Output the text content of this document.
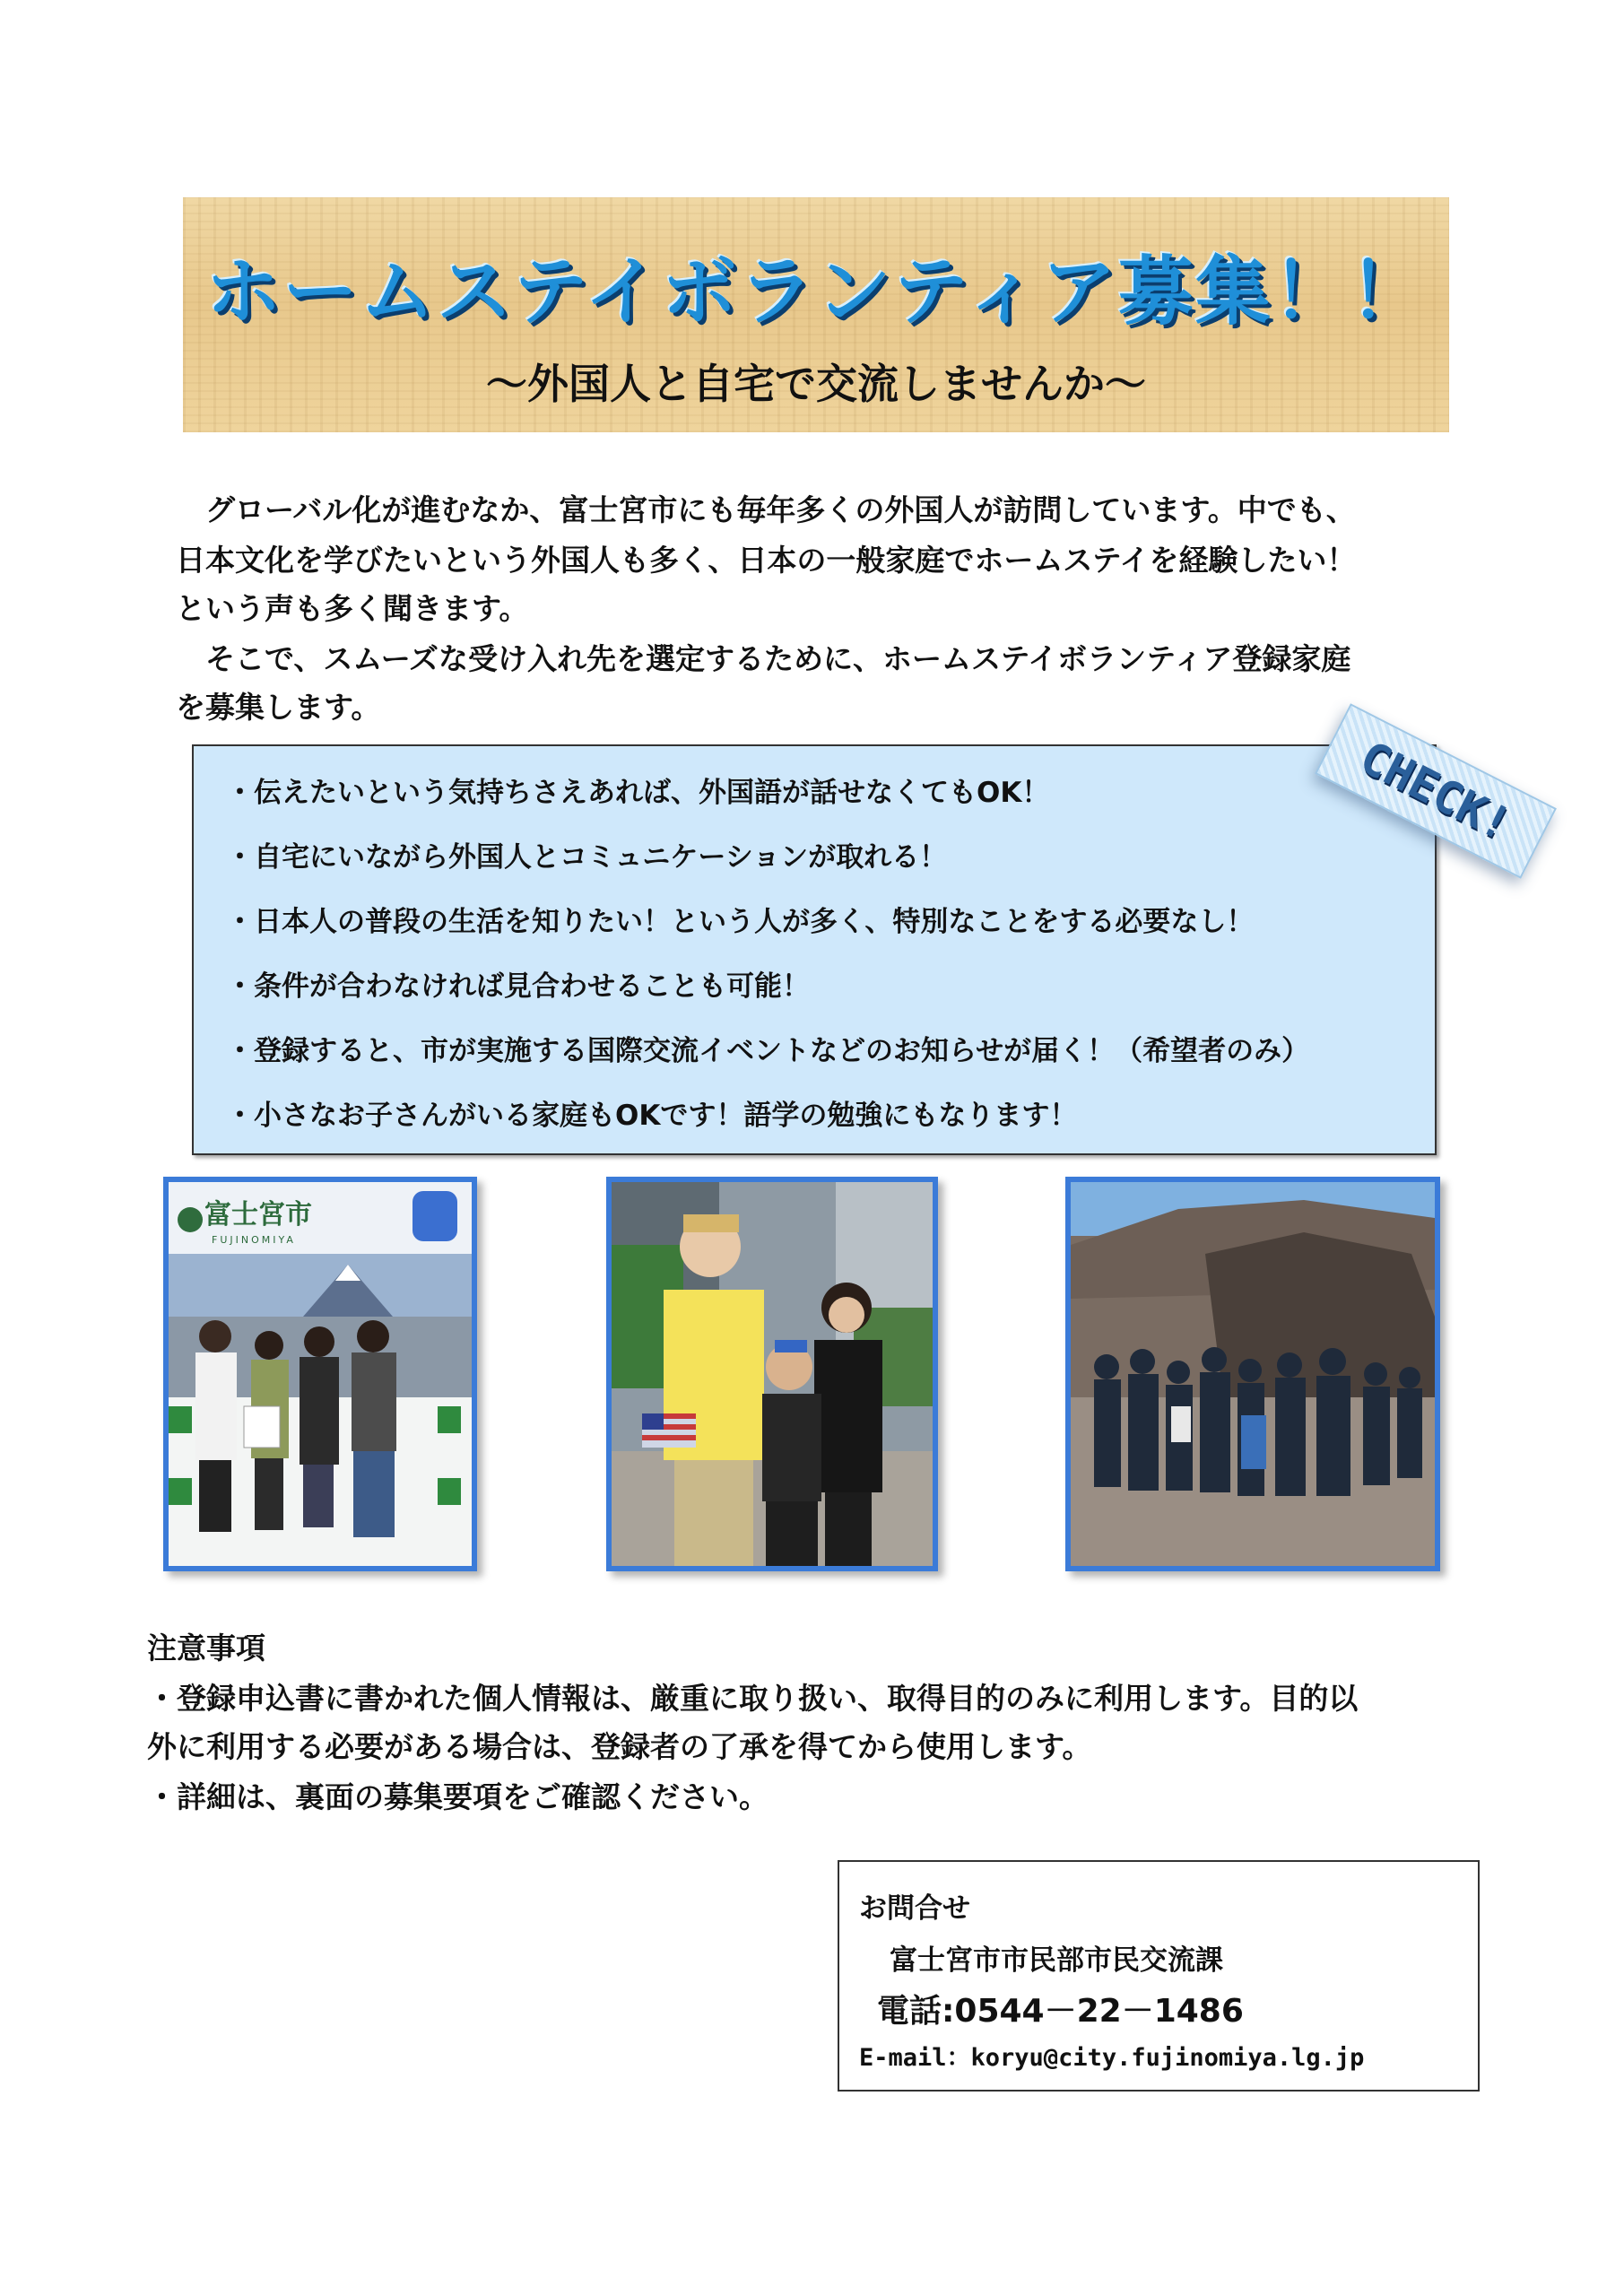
ホームステイボランティア募集！！
～外国人と自宅で交流しませんか～
　グローバル化が進むなか、富士宮市にも毎年多くの外国人が訪問しています。中でも、
日本文化を学びたいという外国人も多く、日本の一般家庭でホームステイを経験したい！
という声も多く聞きます。
　そこで、スムーズな受け入れ先を選定するために、ホームステイボランティア登録家庭
を募集します。
・伝えたいという気持ちさえあれば、外国語が話せなくてもOK！
・自宅にいながら外国人とコミュニケーションが取れる！
・日本人の普段の生活を知りたい！という人が多く、特別なことをする必要なし！
・条件が合わなければ見合わせることも可能！
・登録すると、市が実施する国際交流イベントなどのお知らせが届く！（希望者のみ）
・小さなお子さんがいる家庭もOKです！語学の勉強にもなります！
CHECK!
富士宮市
FUJINOMIYA
注意事項
・登録申込書に書かれた個人情報は、厳重に取り扱い、取得目的のみに利用します。目的以
外に利用する必要がある場合は、登録者の了承を得てから使用します。
・詳細は、裏面の募集要項をご確認ください。
お問合せ
富士宮市市民部市民交流課
電話:0544－22－1486
E-mail：koryu@city.fujinomiya.lg.jp
